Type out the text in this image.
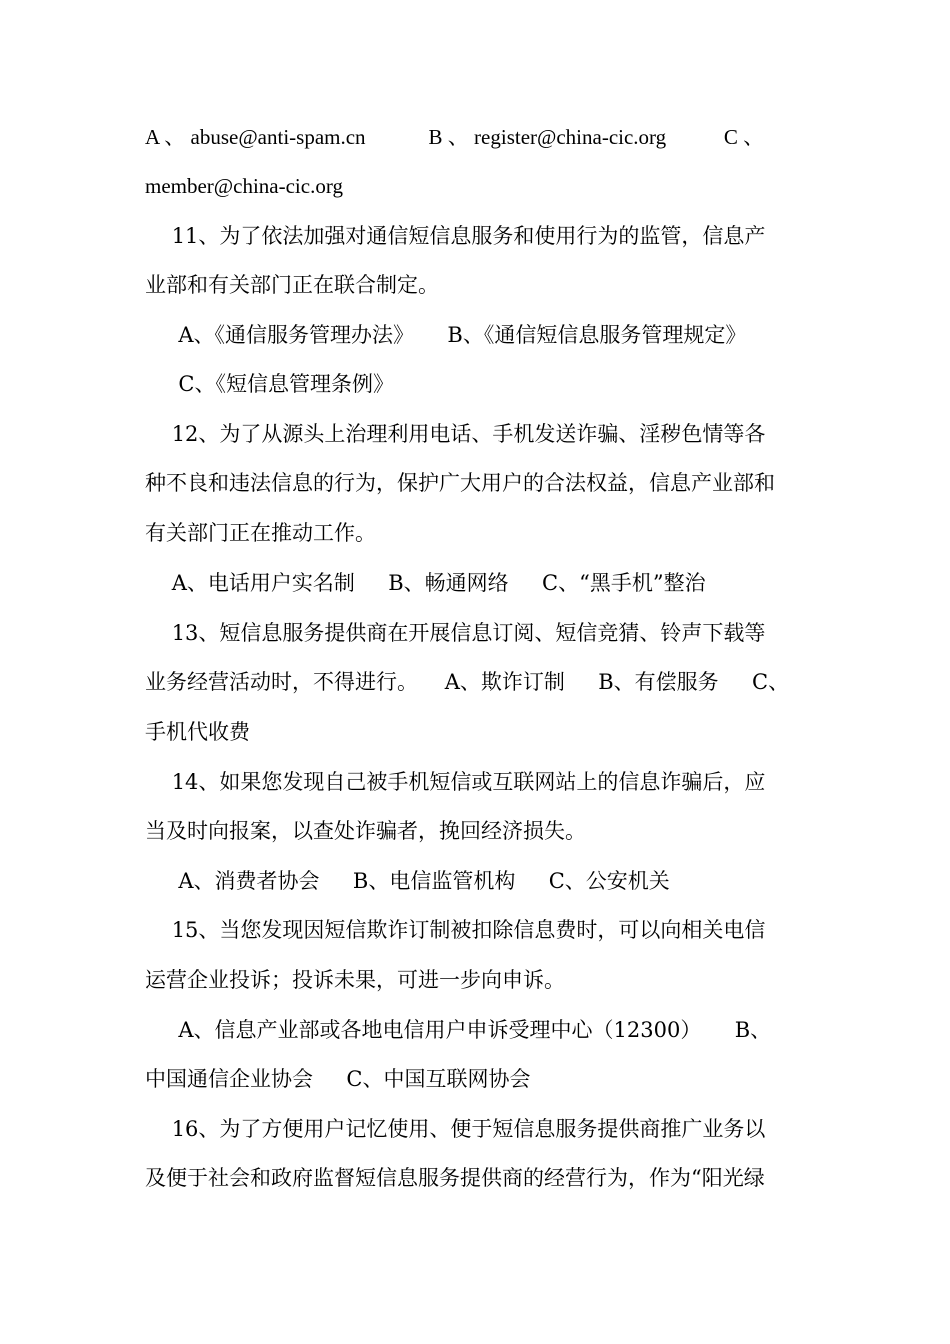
A 、 abuse@anti-spam.cn            B 、 register@china-cic.org           C 、
member@china-cic.org
11、为了依法加强对通信短信息服务和使用行为的监管，信息产
业部和有关部门正在联合制定。
A、《通信服务管理办法》     B、《通信短信息服务管理规定》
C、《短信息管理条例》
12、为了从源头上治理利用电话、手机发送诈骗、淫秽色情等各
种不良和违法信息的行为，保护广大用户的合法权益，信息产业部和
有关部门正在推动工作。
A、电话用户实名制     B、畅通网络     C、“黑手机”整治
13、短信息服务提供商在开展信息订阅、短信竞猜、铃声下载等
业务经营活动时，不得进行。    A、欺诈订制     B、有偿服务     C、
手机代收费
14、如果您发现自己被手机短信或互联网站上的信息诈骗后，应
当及时向报案，以查处诈骗者，挽回经济损失。
A、消费者协会     B、电信监管机构     C、公安机关
15、当您发现因短信欺诈订制被扣除信息费时，可以向相关电信
运营企业投诉；投诉未果，可进一步向申诉。
A、信息产业部或各地电信用户申诉受理中心（12300）     B、
中国通信企业协会     C、中国互联网协会
16、为了方便用户记忆使用、便于短信息服务提供商推广业务以
及便于社会和政府监督短信息服务提供商的经营行为，作为“阳光绿
